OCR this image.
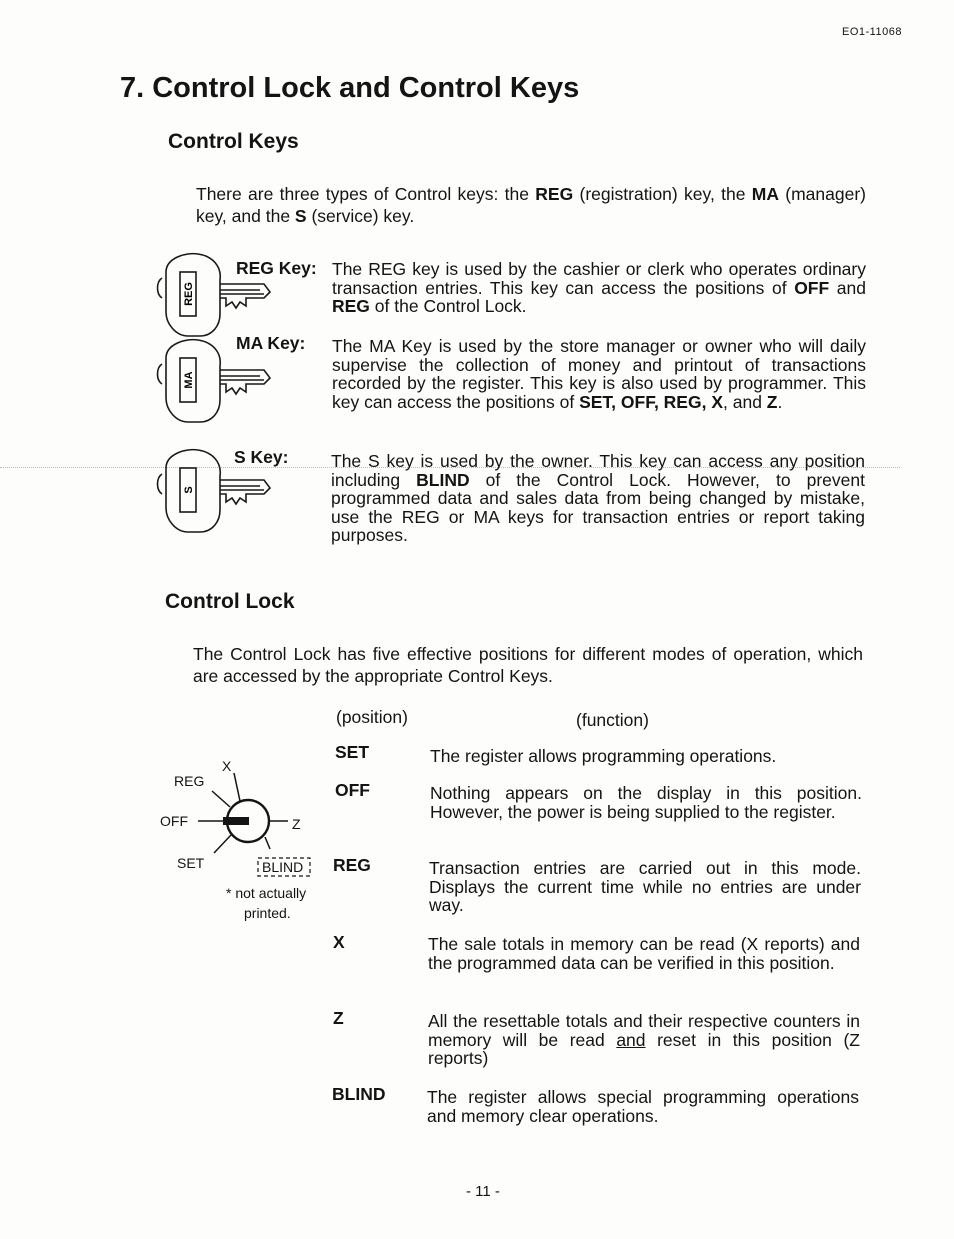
EO1-11068
7. Control Lock and Control Keys
Control Keys
There are three types of Control keys: the REG (registration) key, the MA (manager) key, and the S (service) key.
REG
REG Key: The REG key is used by the cashier or clerk who operates ordinary transaction entries. This key can access the positions of OFF and REG of the Control Lock.
MA
MA Key: The MA Key is used by the store manager or owner who will daily supervise the collection of money and printout of transactions recorded by the register. This key is also used by programmer. This key can access the positions of SET, OFF, REG, X, and Z.
S
S Key: The S key is used by the owner. This key can access any position including BLIND of the Control Lock. However, to prevent programmed data and sales data from being changed by mistake, use the REG or MA keys for transaction entries or report taking purposes.
Control Lock
The Control Lock has five effective positions for different modes of operation, which are accessed by the appropriate Control Keys.
(position)	(function)
X
REG
OFF	Z
SET	BLIND
* not actually
printed.
SET	The register allows programming operations.
OFF	Nothing appears on the display in this position. However, the power is being supplied to the register.
REG	Transaction entries are carried out in this mode. Displays the current time while no entries are under way.
X	The sale totals in memory can be read (X reports) and the programmed data can be verified in this position.
Z	All the resettable totals and their respective counters in memory will be read and reset in this position (Z reports)
BLIND The register allows special programming operations and memory clear operations.
- 11 -
